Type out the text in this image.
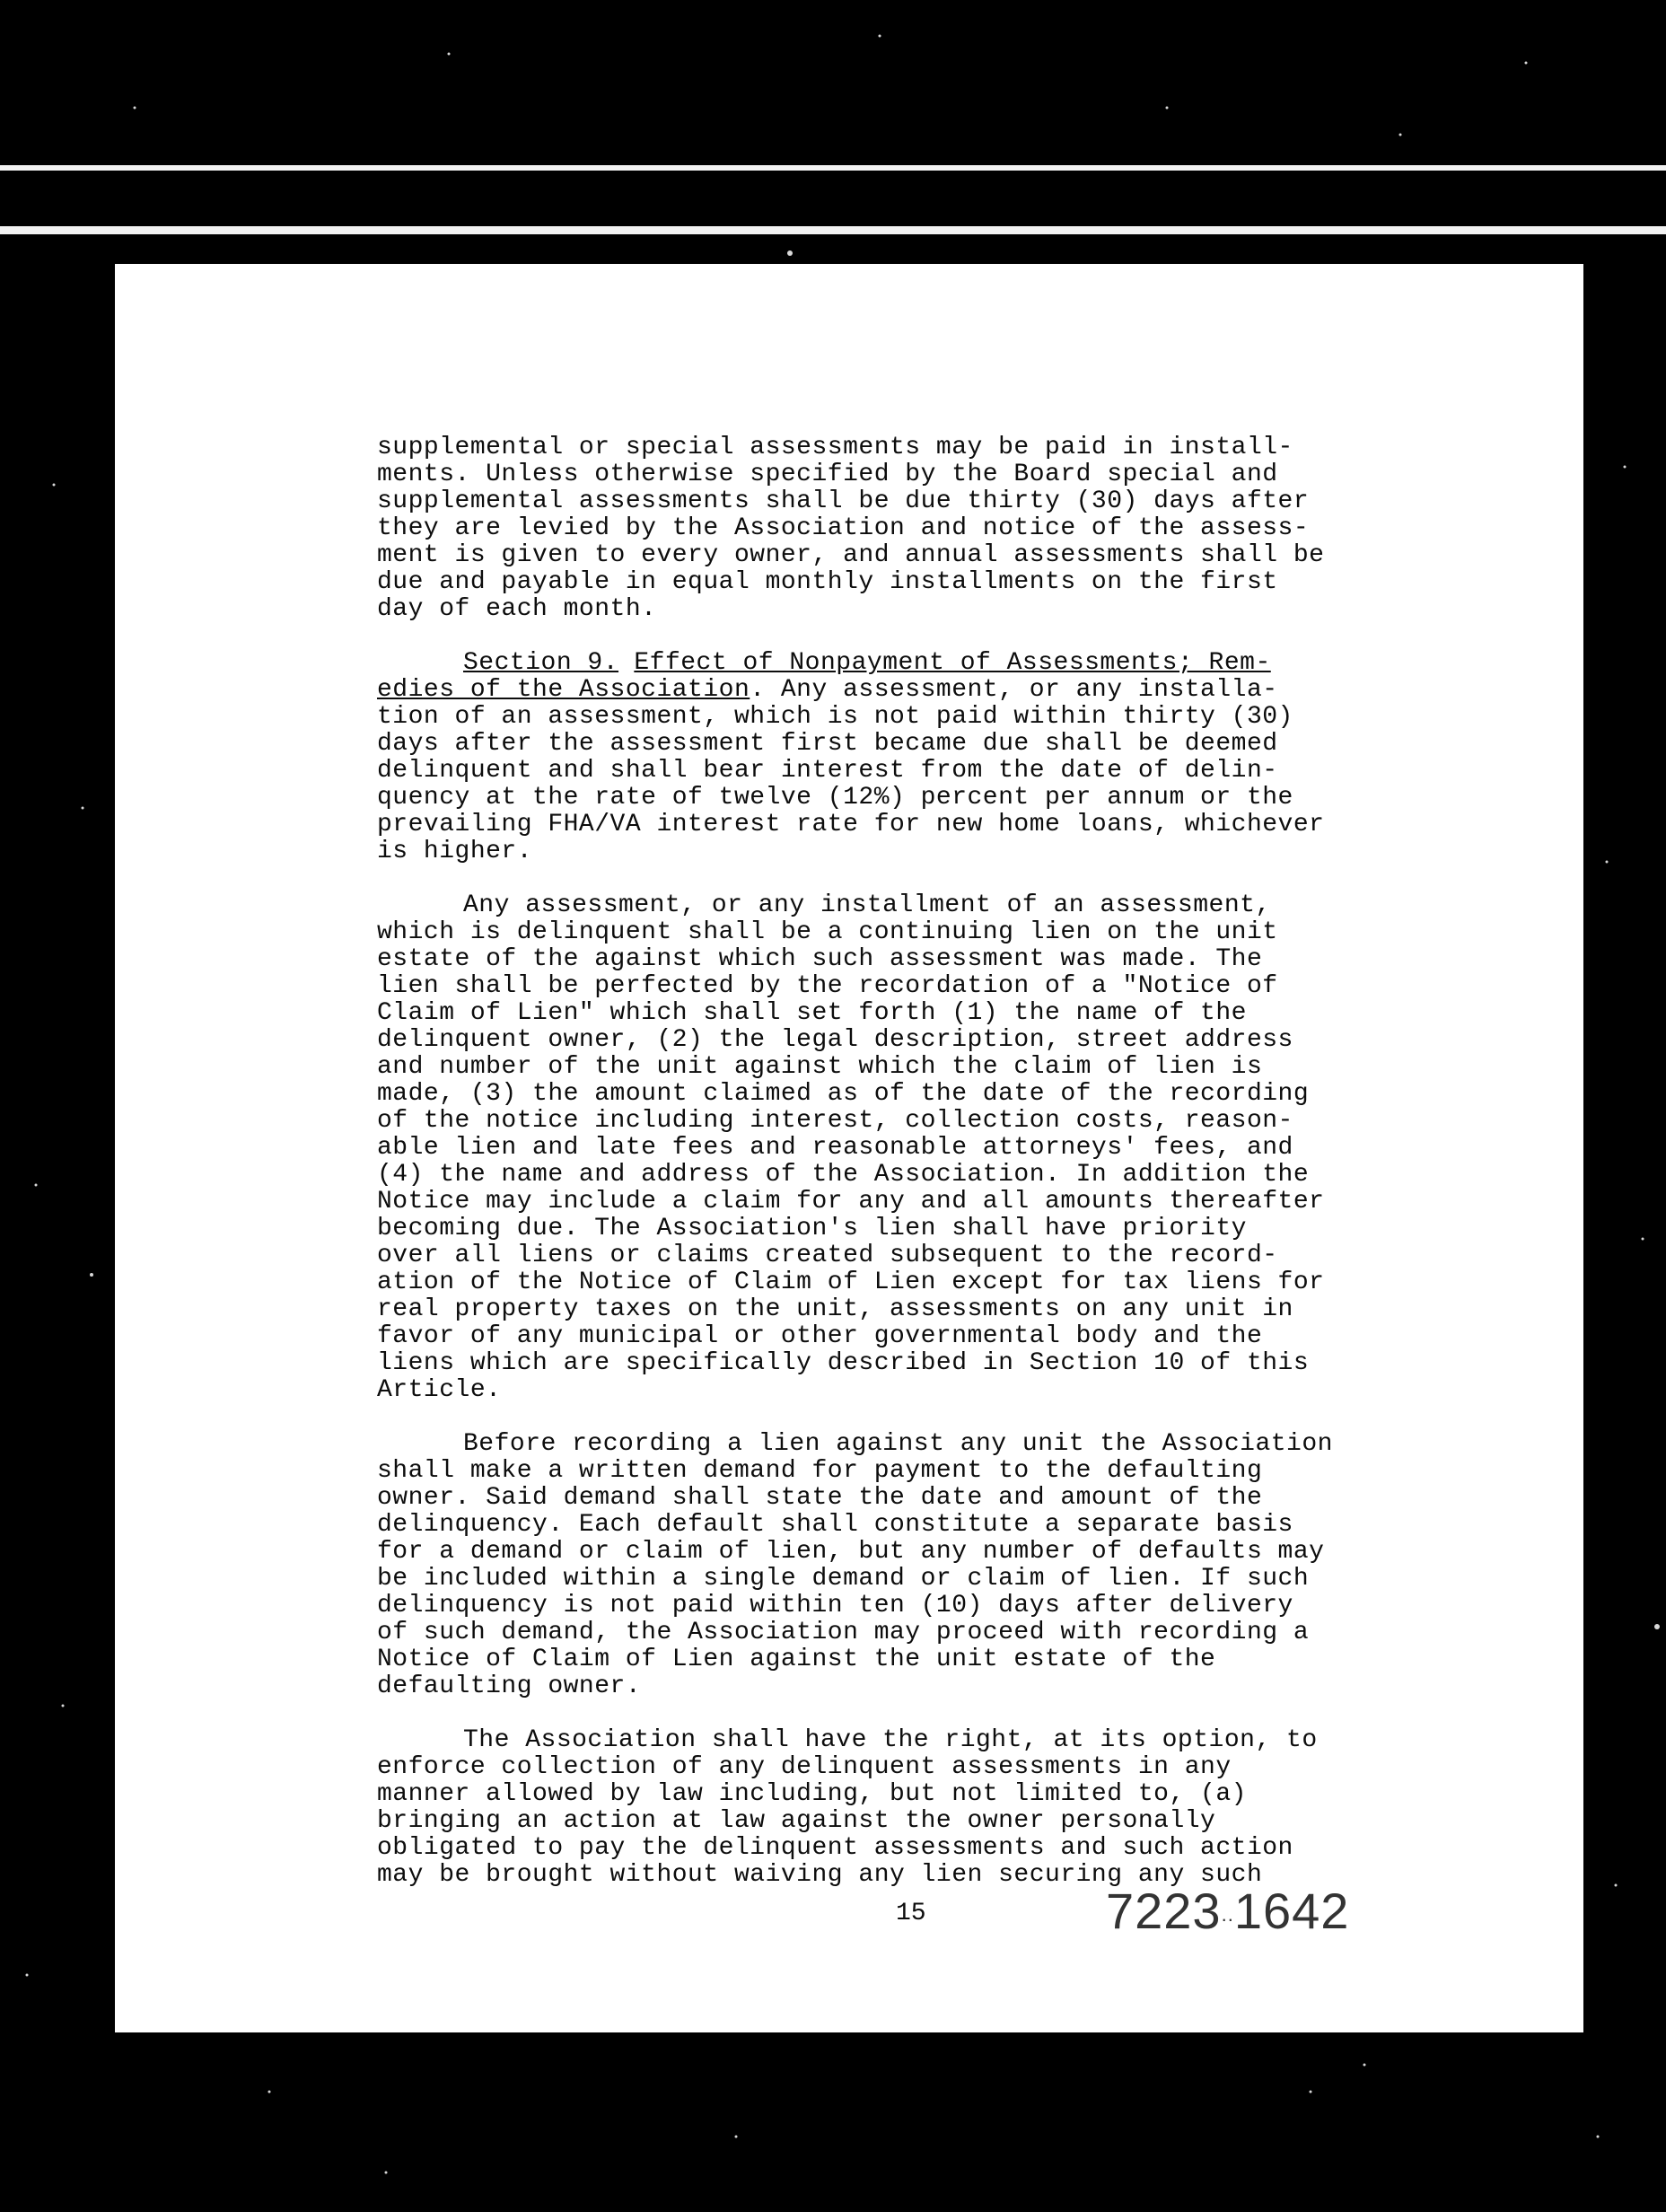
supplemental or special assessments may be paid in install-
ments. Unless otherwise specified by the Board special and
supplemental assessments shall be due thirty (30) days after
they are levied by the Association and notice of the assess-
ment is given to every owner, and annual assessments shall be
due and payable in equal monthly installments on the first
day of each month.

Section 9. Effect of Nonpayment of Assessments; Rem-
edies of the Association. Any assessment, or any installa-
tion of an assessment, which is not paid within thirty (30)
days after the assessment first became due shall be deemed
delinquent and shall bear interest from the date of delin-
quency at the rate of twelve (12%) percent per annum or the
prevailing FHA/VA interest rate for new home loans, whichever
is higher.

Any assessment, or any installment of an assessment,
which is delinquent shall be a continuing lien on the unit
estate of the against which such assessment was made. The
lien shall be perfected by the recordation of a "Notice of
Claim of Lien" which shall set forth (1) the name of the
delinquent owner, (2) the legal description, street address
and number of the unit against which the claim of lien is
made, (3) the amount claimed as of the date of the recording
of the notice including interest, collection costs, reason-
able lien and late fees and reasonable attorneys' fees, and
(4) the name and address of the Association. In addition the
Notice may include a claim for any and all amounts thereafter
becoming due. The Association's lien shall have priority
over all liens or claims created subsequent to the record-
ation of the Notice of Claim of Lien except for tax liens for
real property taxes on the unit, assessments on any unit in
favor of any municipal or other governmental body and the
liens which are specifically described in Section 10 of this
Article.

Before recording a lien against any unit the Association
shall make a written demand for payment to the defaulting
owner. Said demand shall state the date and amount of the
delinquency. Each default shall constitute a separate basis
for a demand or claim of lien, but any number of defaults may
be included within a single demand or claim of lien. If such
delinquency is not paid within ten (10) days after delivery
of such demand, the Association may proceed with recording a
Notice of Claim of Lien against the unit estate of the
defaulting owner.

The Association shall have the right, at its option, to
enforce collection of any delinquent assessments in any
manner allowed by law including, but not limited to, (a)
bringing an action at law against the owner personally
obligated to pay the delinquent assessments and such action
may be brought without waiving any lien securing any such

15	7223..1642
